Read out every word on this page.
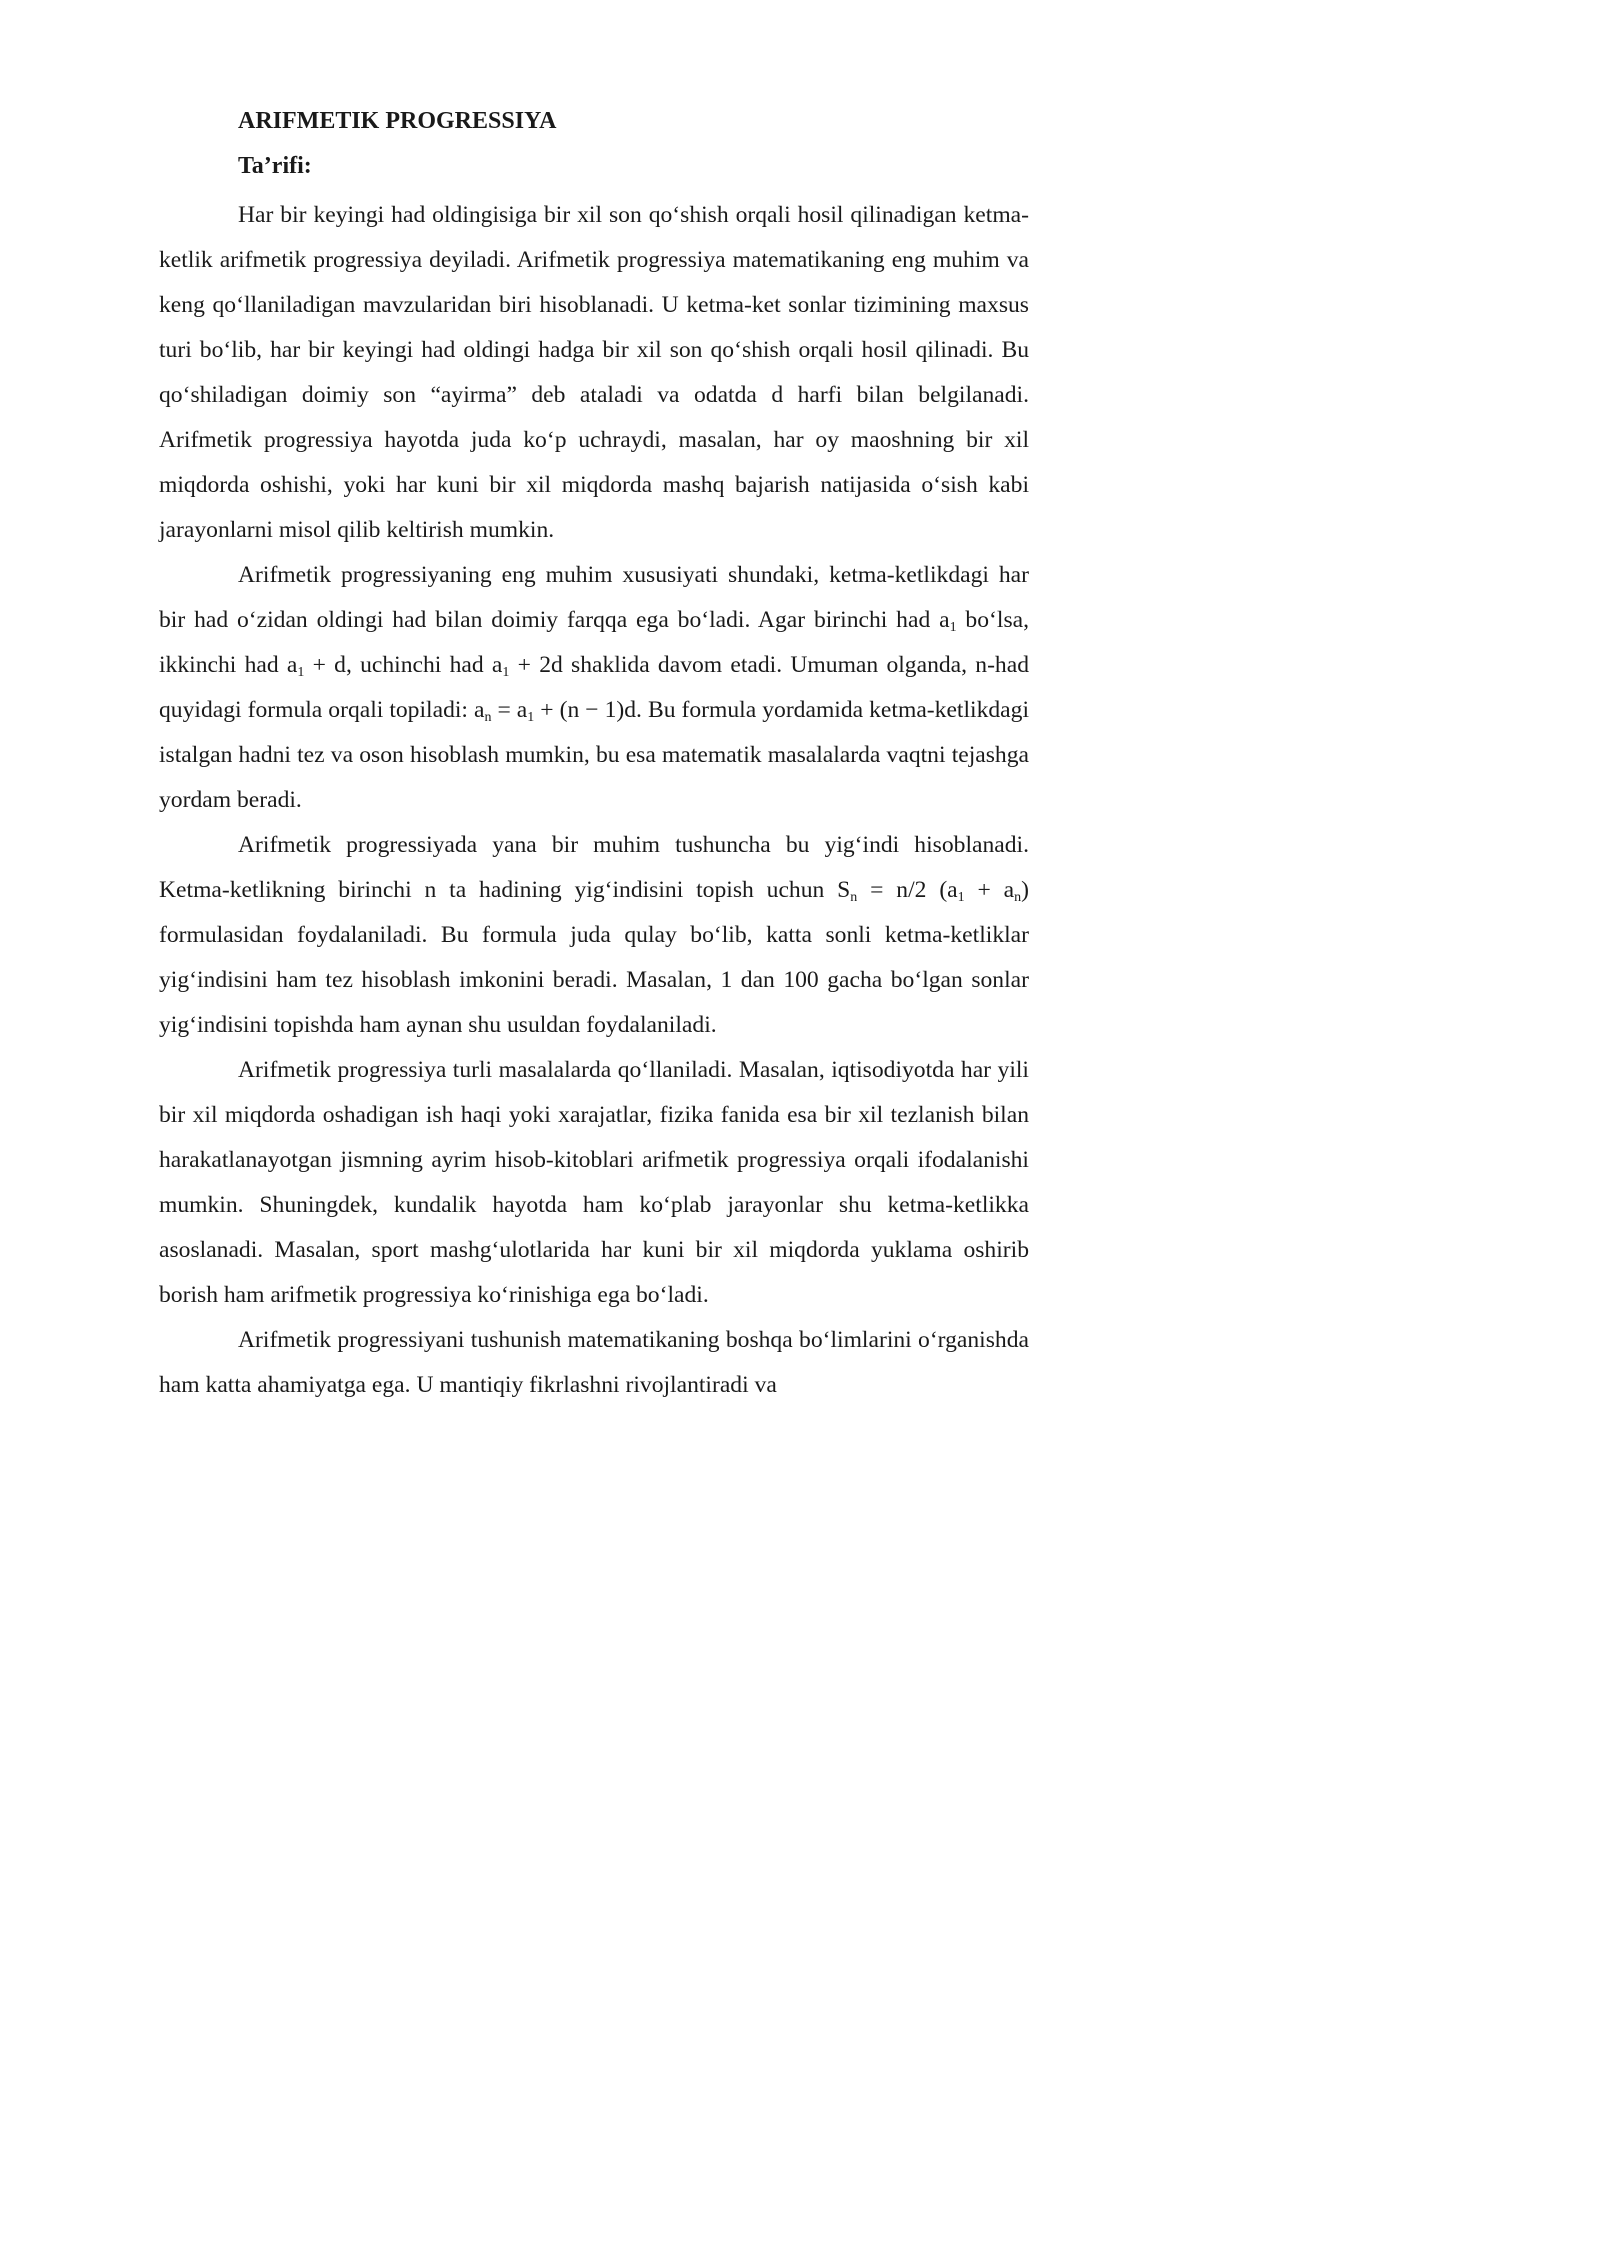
ARIFMETIK PROGRESSIYA
Ta’rifi:

Har bir keyingi had oldingisiga bir xil son qo‘shish orqali hosil qilinadigan ketma-ketlik arifmetik progressiya deyiladi. Arifmetik progressiya matematikaning eng muhim va keng qo‘llaniladigan mavzularidan biri hisoblanadi. U ketma-ket sonlar tizimining maxsus turi bo‘lib, har bir keyingi had oldingi hadga bir xil son qo‘shish orqali hosil qilinadi. Bu qo‘shiladigan doimiy son “ayirma” deb ataladi va odatda d harfi bilan belgilanadi. Arifmetik progressiya hayotda juda ko‘p uchraydi, masalan, har oy maoshning bir xil miqdorda oshishi, yoki har kuni bir xil miqdorda mashq bajarish natijasida o‘sish kabi jarayonlarni misol qilib keltirish mumkin.

Arifmetik progressiyaning eng muhim xususiyati shundaki, ketma-ketlikdagi har bir had o‘zidan oldingi had bilan doimiy farqqa ega bo‘ladi. Agar birinchi had $a_1$ bo‘lsa, ikkinchi had $a_1 + d$, uchinchi had $a_1 + 2d$ shaklida davom etadi. Umuman olganda, n-had quyidagi formula orqali topiladi: $a_n = a_1 + (n - 1)d$. Bu formula yordamida ketma-ketlikdagi istalgan hadni tez va oson hisoblash mumkin, bu esa matematik masalalarda vaqtni tejashga yordam beradi.

Arifmetik progressiyada yana bir muhim tushuncha bu yig‘indi hisoblanadi. Ketma-ketlikning birinchi n ta hadining yig‘indisini topish uchun $S_n = n/2$ $(a_1 + a_n)$ formulasidan foydalaniladi. Bu formula juda qulay bo‘lib, katta sonli ketma-ketliklar yig‘indisini ham tez hisoblash imkonini beradi. Masalan, 1 dan 100 gacha bo‘lgan sonlar yig‘indisini topishda ham aynan shu usuldan foydalaniladi.

Arifmetik progressiya turli masalalarda qo‘llaniladi. Masalan, iqtisodiyotda har yili bir xil miqdorda oshadigan ish haqi yoki xarajatlar, fizika fanida esa bir xil tezlanish bilan harakatlanayotgan jismning ayrim hisob-kitoblari arifmetik progressiya orqali ifodalanishi mumkin. Shuningdek, kundalik hayotda ham ko‘plab jarayonlar shu ketma-ketlikka asoslanadi. Masalan, sport mashg‘ulotlarida har kuni bir xil miqdorda yuklama oshirib borish ham arifmetik progressiya ko‘rinishiga ega bo‘ladi.

Arifmetik progressiyani tushunish matematikaning boshqa bo‘limlarini o‘rganishda ham katta ahamiyatga ega. U mantiqiy fikrlashni rivojlantiradi va
